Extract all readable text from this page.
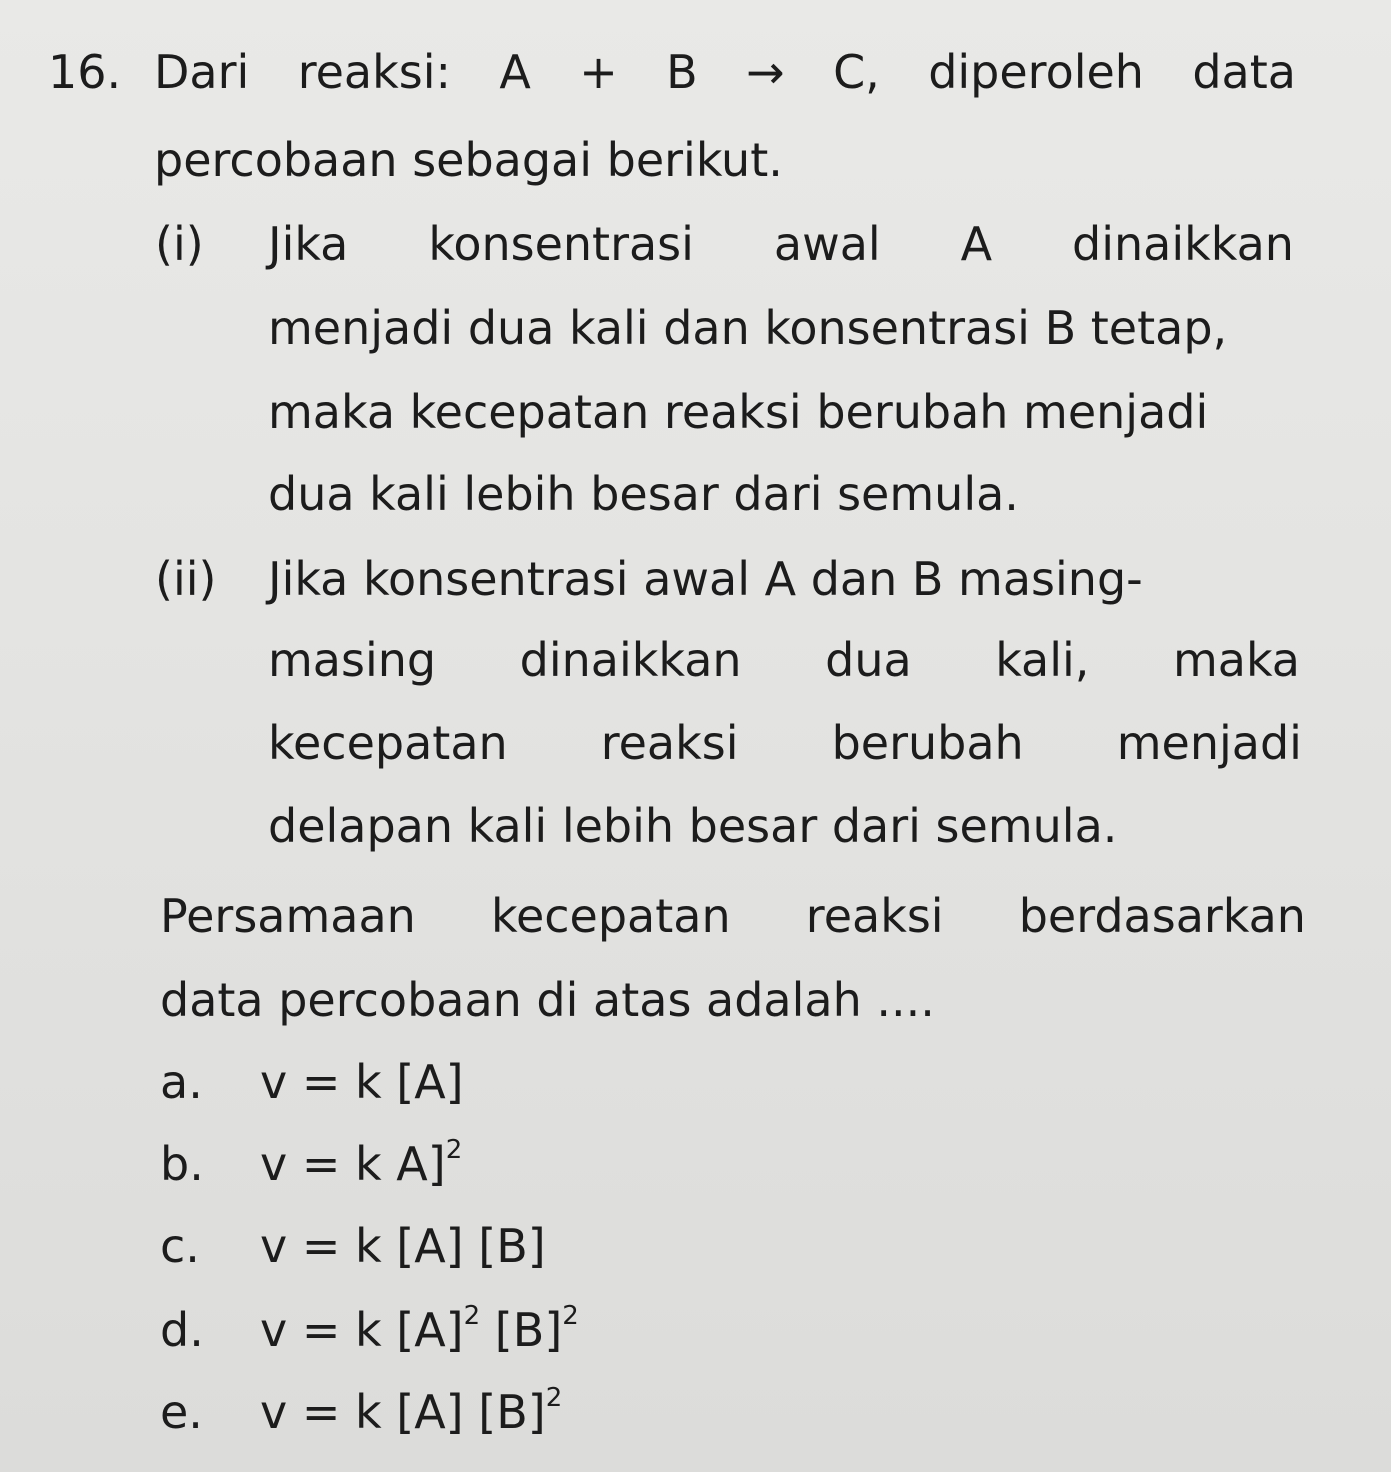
16. Dari reaksi: A + B → C, diperoleh data
percobaan sebagai berikut.
(i) Jika konsentrasi awal A dinaikkan
menjadi dua kali dan konsentrasi B tetap,
maka kecepatan reaksi berubah menjadi
dua kali lebih besar dari semula.
(ii) Jika konsentrasi awal A dan B masing-
masing dinaikkan dua kali, maka
kecepatan reaksi berubah menjadi
delapan kali lebih besar dari semula.
Persamaan kecepatan reaksi berdasarkan
data percobaan di atas adalah ....
a. v = k [A]
b. v = k A]$^2$
c. v = k [A] [B]
d. v = k $[A]^2$ $[B]^2$
e. v = k [A] $[B]^2$
